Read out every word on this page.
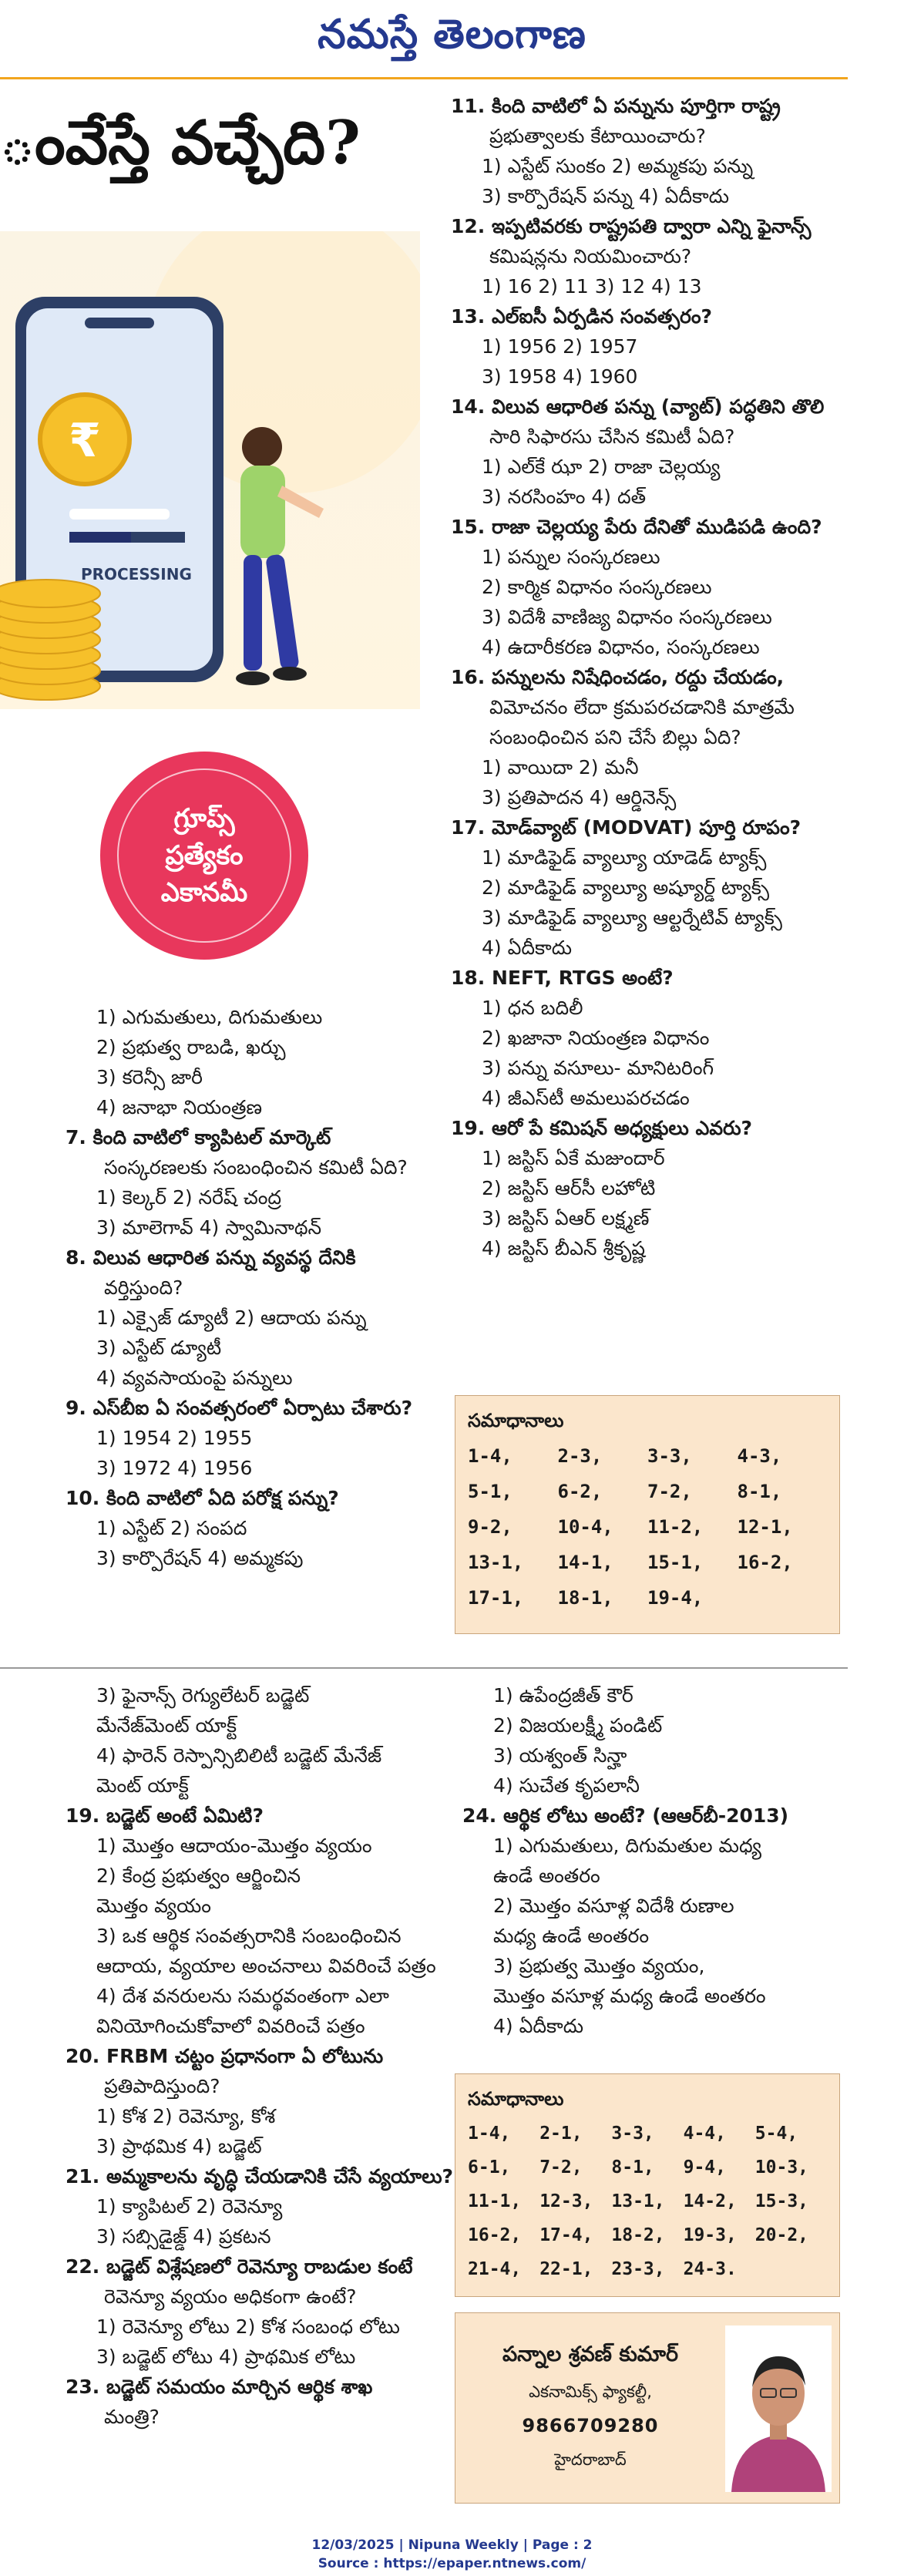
నమస్తే తెలంగాణ
ంవేస్తే వచ్చేది?
₹
PROCESSING
గ్రూప్స్
ప్రత్యేకం
ఎకానమీ

1) ఎగుమతులు, దిగుమతులు

2) ప్రభుత్వ రాబడి, ఖర్చు

3) కరెన్సీ జారీ

4) జనాభా నియంత్రణ

7. కింది వాటిలో క్యాపిటల్ మార్కెట్

సంస్కరణలకు సంబంధించిన కమిటీ ఏది?

1) కెల్కర్ 2) నరేష్ చంద్ర

3) మాలెగావ్ 4) స్వామినాథన్

8. విలువ ఆధారిత పన్ను వ్యవస్థ దేనికి

వర్తిస్తుంది?

1) ఎక్సైజ్ డ్యూటీ 2) ఆదాయ పన్ను

3) ఎస్టేట్ డ్యూటీ

4) వ్యవసాయంపై పన్నులు

9. ఎస్‌బీఐ ఏ సంవత్సరంలో ఏర్పాటు చేశారు?

1) 1954 2) 1955

3) 1972 4) 1956

10. కింది వాటిలో ఏది పరోక్ష పన్ను?

1) ఎస్టేట్ 2) సంపద

3) కార్పొరేషన్ 4) అమ్మకపు

11. కింది వాటిలో ఏ పన్నును పూర్తిగా రాష్ట్ర

ప్రభుత్వాలకు కేటాయించారు?

1) ఎస్టేట్ సుంకం 2) అమ్మకపు పన్ను

3) కార్పొరేషన్ పన్ను 4) ఏదీకాదు

12. ఇప్పటివరకు రాష్ట్రపతి ద్వారా ఎన్ని ఫైనాన్స్

కమిషన్లను నియమించారు?

1) 16 2) 11 3) 12 4) 13

13. ఎల్ఐసీ ఏర్పడిన సంవత్సరం?

1) 1956 2) 1957

3) 1958 4) 1960

14. విలువ ఆధారిత పన్ను (వ్యాట్) పద్ధతిని తొలి

సారి సిఫారసు చేసిన కమిటీ ఏది?

1) ఎల్‌కే ఝా 2) రాజా చెల్లయ్య

3) నరసింహం 4) దత్

15. రాజా చెల్లయ్య పేరు దేనితో ముడిపడి ఉంది?

1) పన్నుల సంస్కరణలు

2) కార్మిక విధానం సంస్కరణలు

3) విదేశీ వాణిజ్య విధానం సంస్కరణలు

4) ఉదారీకరణ విధానం, సంస్కరణలు

16. పన్నులను నిషేధించడం, రద్దు చేయడం,

విమోచనం లేదా క్రమపరచడానికి మాత్రమే

సంబంధించిన పని చేసే బిల్లు ఏది?

1) వాయిదా 2) మనీ

3) ప్రతిపాదన 4) ఆర్డినెన్స్

17. మోడ్‌వ్యాట్ (MODVAT) పూర్తి రూపం?

1) మాడిఫైడ్ వ్యాల్యూ యాడెడ్ ట్యాక్స్

2) మాడిఫైడ్ వ్యాల్యూ అష్యూర్డ్ ట్యాక్స్

3) మాడిఫైడ్ వ్యాల్యూ ఆల్టర్నేటివ్ ట్యాక్స్

4) ఏదీకాదు

18. NEFT, RTGS అంటే?

1) ధన బదిలీ

2) ఖజానా నియంత్రణ విధానం

3) పన్ను వసూలు- మానిటరింగ్

4) జీఎస్‌టీ అమలుపరచడం

19. ఆరో పే కమిషన్ అధ్యక్షులు ఎవరు?

1) జస్టిస్ ఏకే మజుందార్

2) జస్టిస్ ఆర్‌సీ లహోటి

3) జస్టిస్ ఏఆర్ లక్ష్మణ్

4) జస్టిస్ బీఎన్ శ్రీకృష్ణ

సమాధానాలు
1-4,	2-3,	3-3,	4-3,
5-1,	6-2,	7-2,	8-1,
9-2,	10-4,	11-2,	12-1,
13-1,	14-1,	15-1,	16-2,
17-1,	18-1,	19-4,

3) ఫైనాన్స్ రెగ్యులేటర్ బడ్జెట్

మేనేజ్‌మెంట్ యాక్ట్

4) ఫారెన్ రెస్పాన్సిబిలిటీ బడ్జెట్ మేనేజ్

మెంట్ యాక్ట్

19. బడ్జెట్ అంటే ఏమిటి?

1) మొత్తం ఆదాయం-మొత్తం వ్యయం

2) కేంద్ర ప్రభుత్వం ఆర్జించిన

మొత్తం వ్యయం

3) ఒక ఆర్థిక సంవత్సరానికి సంబంధించిన

ఆదాయ, వ్యయాల అంచనాలు వివరించే పత్రం

4) దేశ వనరులను సమర్థవంతంగా ఎలా

వినియోగించుకోవాలో వివరించే పత్రం

20. FRBM చట్టం ప్రధానంగా ఏ లోటును

ప్రతిపాదిస్తుంది?

1) కోశ 2) రెవెన్యూ, కోశ

3) ప్రాథమిక 4) బడ్జెట్

21. అమ్మకాలను వృద్ధి చేయడానికి చేసే వ్యయాలు?

1) క్యాపిటల్ 2) రెవెన్యూ

3) సబ్సిడైజ్డ్ 4) ప్రకటన

22. బడ్జెట్ విశ్లేషణలో రెవెన్యూ రాబడుల కంటే

రెవెన్యూ వ్యయం అధికంగా ఉంటే?

1) రెవెన్యూ లోటు 2) కోశ సంబంధ లోటు

3) బడ్జెట్ లోటు 4) ప్రాథమిక లోటు

23. బడ్జెట్ సమయం మార్చిన ఆర్థిక శాఖ

మంత్రి?

1) ఉపేంద్రజీత్ కౌర్

2) విజయలక్ష్మీ పండిట్

3) యశ్వంత్ సిన్హా

4) సుచేత కృపలానీ

24. ఆర్థిక లోటు అంటే? (ఆఆర్‌బీ-2013)

1) ఎగుమతులు, దిగుమతుల మధ్య

ఉండే అంతరం

2) మొత్తం వసూళ్ల విదేశీ రుణాల

మధ్య ఉండే అంతరం

3) ప్రభుత్వ మొత్తం వ్యయం,

మొత్తం వసూళ్ల మధ్య ఉండే అంతరం

4) ఏదీకాదు

సమాధానాలు
1-4,	2-1,	3-3,	4-4,	5-4,
6-1,	7-2,	8-1,	9-4,	10-3,
11-1,	12-3,	13-1,	14-2,	15-3,
16-2,	17-4,	18-2,	19-3,	20-2,
21-4,	22-1,	23-3,	24-3.
పన్నాల శ్రవణ్ కుమార్
ఎకనామిక్స్ ఫ్యాకల్టీ,
9866709280
హైదరాబాద్
12/03/2025 | Nipuna Weekly | Page : 2
Source : https://epaper.ntnews.com/
